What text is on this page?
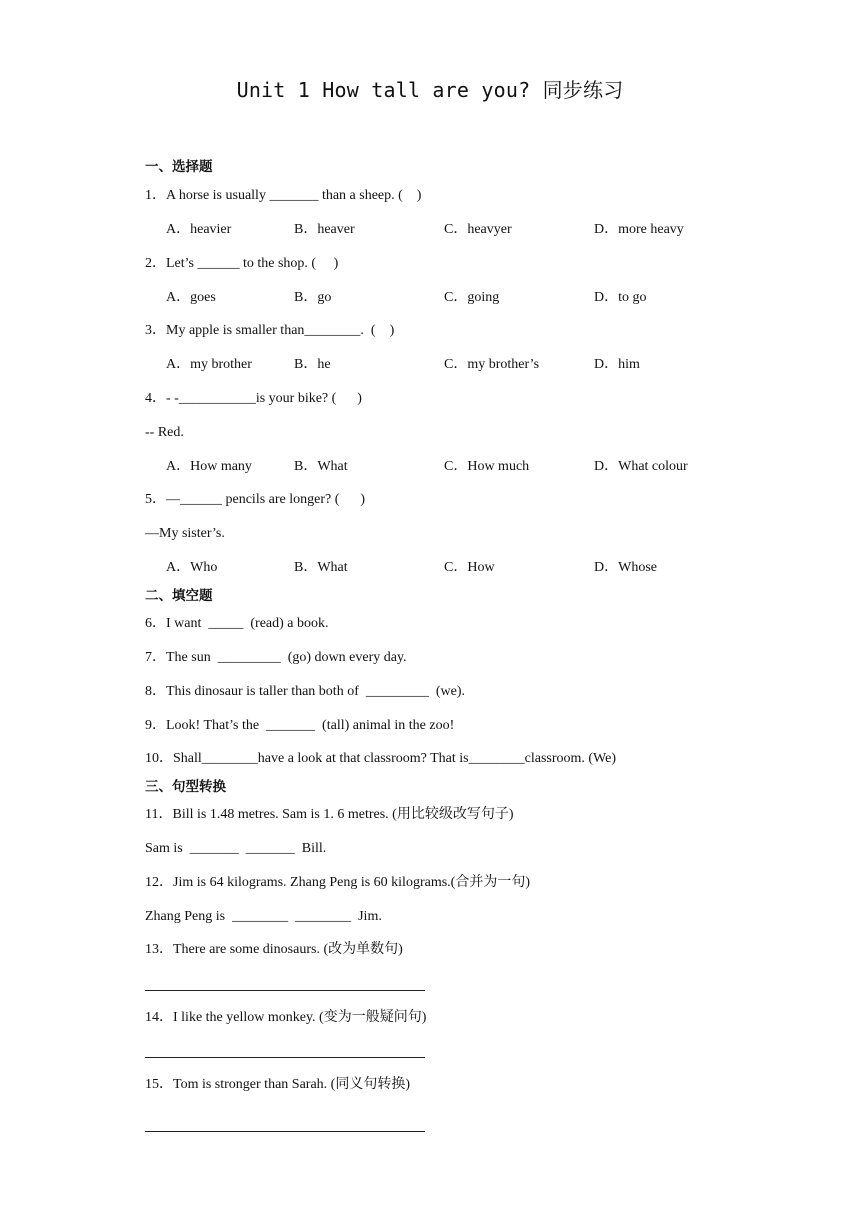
Unit 1 How tall are you? 同步练习
一、选择题
1．A horse is usually _______ than a sheep. (    )
A．heavier	B．heaver	C．heavyer	D．more heavy
2．Let’s ______ to the shop. (     )
A．goes	B．go	C．going	D．to go
3．My apple is smaller than________.  (    )
A．my brother	B．he	C．my brother’s	D．him
4．- -___________is your bike? (      )
-- Red.
A．How many	B．What	C．How much	D．What colour
5．—______ pencils are longer? (      )
—My sister’s.
A．Who	B．What	C．How	D．Whose
二、填空题
6．I want  _____  (read) a book.
7．The sun  _________  (go) down every day.
8．This dinosaur is taller than both of  _________  (we).
9．Look! That’s the  _______  (tall) animal in the zoo!
10．Shall________have a look at that classroom? That is________classroom. (We)
三、句型转换
11．Bill is 1.48 metres. Sam is 1. 6 metres. (用比较级改写句子)
Sam is  _______  _______  Bill.
12．Jim is 64 kilograms. Zhang Peng is 60 kilograms.(合并为一句)
Zhang Peng is  ________  ________  Jim.
13．There are some dinosaurs. (改为单数句)
14．I like the yellow monkey. (变为一般疑问句)
15．Tom is stronger than Sarah. (同义句转换)
